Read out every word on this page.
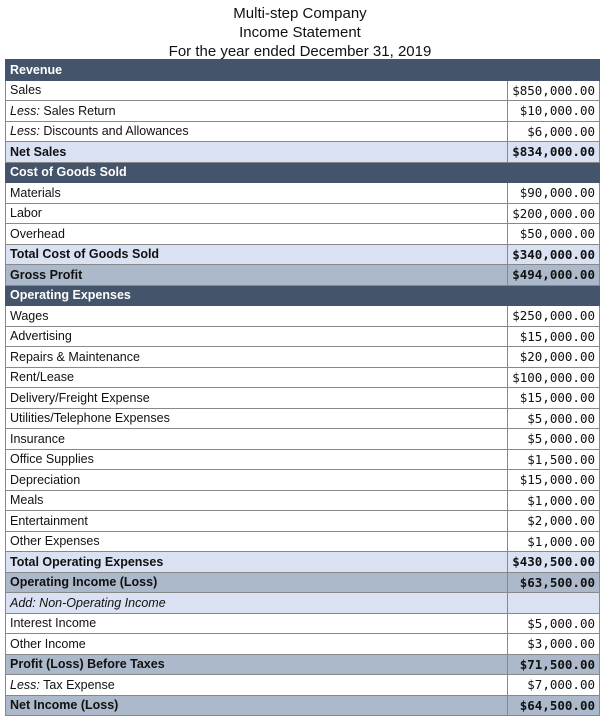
Multi-step Company
Income Statement
For the year ended December 31, 2019
Revenue	
Sales	$850,000.00
Less: Sales Return	$10,000.00
Less: Discounts and Allowances	$6,000.00
Net Sales	$834,000.00
Cost of Goods Sold	
Materials	$90,000.00
Labor	$200,000.00
Overhead	$50,000.00
Total Cost of Goods Sold	$340,000.00
Gross Profit	$494,000.00
Operating Expenses	
Wages	$250,000.00
Advertising	$15,000.00
Repairs & Maintenance	$20,000.00
Rent/Lease	$100,000.00
Delivery/Freight Expense	$15,000.00
Utilities/Telephone Expenses	$5,000.00
Insurance	$5,000.00
Office Supplies	$1,500.00
Depreciation	$15,000.00
Meals	$1,000.00
Entertainment	$2,000.00
Other Expenses	$1,000.00
Total Operating Expenses	$430,500.00
Operating Income (Loss)	$63,500.00
Add: Non-Operating Income	
Interest Income	$5,000.00
Other Income	$3,000.00
Profit (Loss) Before Taxes	$71,500.00
Less: Tax Expense	$7,000.00
Net Income (Loss)	$64,500.00
